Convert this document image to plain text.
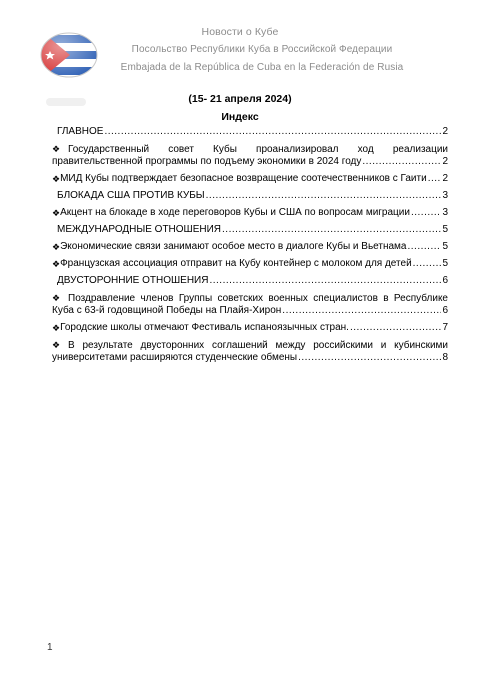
Новости о Кубе
Посольство Республики Куба в Российской Федерации
Embajada de la República de Cuba en la Federación de Rusia
(15- 21 апреля 2024)
Индекс
ГЛАВНОЕ .....	2
❖ Государственный совет Кубы проанализировал ход реализации
правительственной программы по подъему экономики в 2024 году .....	2
❖ МИД Кубы подтверждает безопасное возвращение соотечественников с Гаити ..... 2
БЛОКАДА США ПРОТИВ КУБЫ .....	3
❖ Акцент на блокаде в ходе переговоров Кубы и США по вопросам миграции .....	3
МЕЖДУНАРОДНЫЕ ОТНОШЕНИЯ .....	5
❖ Экономические связи занимают особое место в диалоге Кубы и Вьетнама .....	5
❖ Французская ассоциация отправит на Кубу контейнер с молоком для детей .....	5
ДВУСТОРОННИЕ ОТНОШЕНИЯ .....	6
❖ Поздравление членов Группы советских военных специалистов в Республике
Куба с 63-й годовщиной Победы на Плайя-Хирон .....	6
❖ Городские школы отмечают Фестиваль испаноязычных стран. .....	7
❖ В результате двусторонних соглашений между российскими и кубинскими
университетами расширяются студенческие обмены .....	8
1
